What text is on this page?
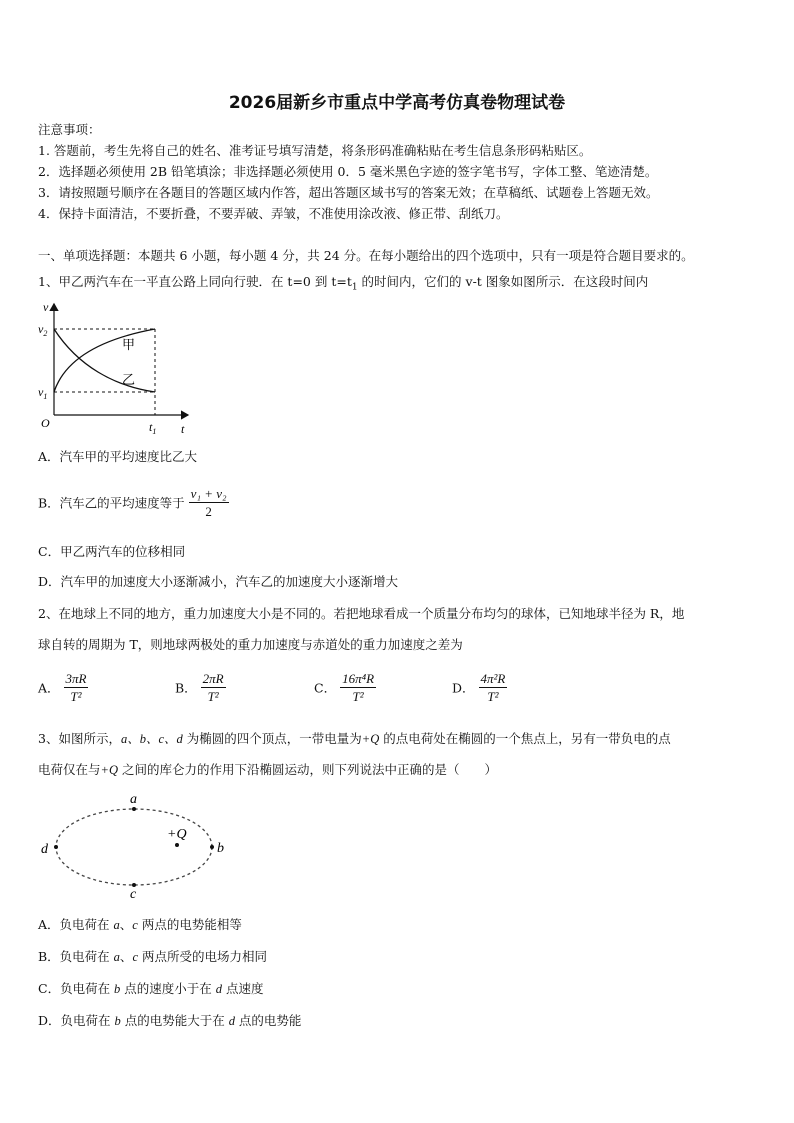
2026届新乡市重点中学高考仿真卷物理试卷
注意事项：
1. 答题前，考生先将自己的姓名、准考证号填写清楚，将条形码准确粘贴在考生信息条形码粘贴区。
2．选择题必须使用 2B 铅笔填涂；非选择题必须使用 0．5 毫米黑色字迹的签字笔书写，字体工整、笔迹清楚。
3．请按照题号顺序在各题目的答题区域内作答，超出答题区域书写的答案无效；在草稿纸、试题卷上答题无效。
4．保持卡面清洁，不要折叠，不要弄破、弄皱，不准使用涂改液、修正带、刮纸刀。
一、单项选择题：本题共 6 小题，每小题 4 分，共 24 分。在每小题给出的四个选项中，只有一项是符合题目要求的。
1、甲乙两汽车在一平直公路上同向行驶．在 t=0 到 $t=t_1$ 的时间内，它们的 v-t 图象如图所示．在这段时间内
v
t
O
$v_2$
$v_1$
$t_1$
甲
乙
A．汽车甲的平均速度比乙大
B．汽车乙的平均速度等于 $\frac{\text{v₁ + v₂}}{2}$
C．甲乙两汽车的位移相同
D．汽车甲的加速度大小逐渐减小，汽车乙的加速度大小逐渐增大
2、在地球上不同的地方，重力加速度大小是不同的。若把地球看成一个质量分布均匀的球体，已知地球半径为 R，地
球自转的周期为 T，则地球两极处的重力加速度与赤道处的重力加速度之差为
A． $\frac{3\pi R}{\text{T²}}$	B． $\frac{2\pi R}{\text{T²}}$	C． $\frac{\text{16π⁴R}}{\text{T²}}$	D． $\frac{\text{4π²R}}{\text{T²}}$
3、如图所示，a、b、c、d 为椭圆的四个顶点，一带电量为+Q 的点电荷处在椭圆的一个焦点上，另有一带负电的点
电荷仅在与+Q 之间的库仑力的作用下沿椭圆运动，则下列说法中正确的是（　　）
a
b
c
d
+Q
A．负电荷在 a、c 两点的电势能相等
B．负电荷在 a、c 两点所受的电场力相同
C．负电荷在 b 点的速度小于在 d 点速度
D．负电荷在 b 点的电势能大于在 d 点的电势能
